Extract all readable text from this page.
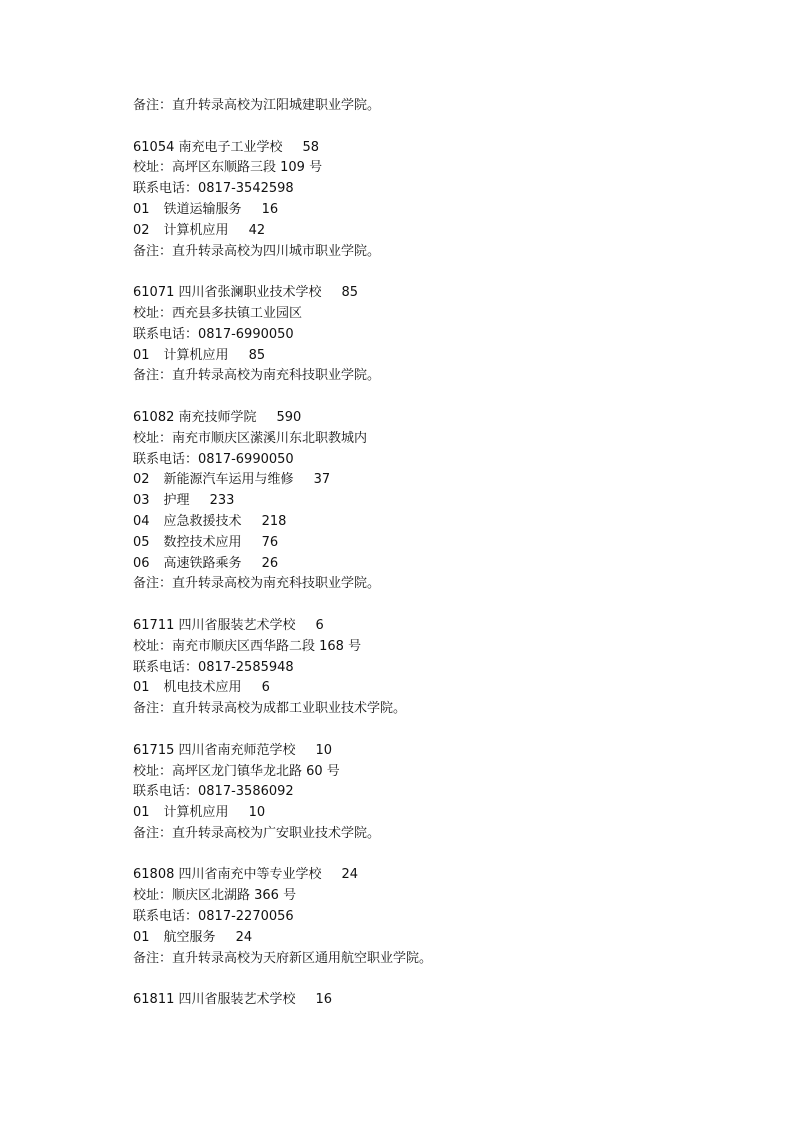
备注：直升转录高校为江阳城建职业学院。
61054 南充电子工业学校 58
校址：高坪区东顺路三段 109 号
联系电话：0817-3542598
01 铁道运输服务 16
02 计算机应用 42
备注：直升转录高校为四川城市职业学院。
61071 四川省张澜职业技术学校 85
校址：西充县多扶镇工业园区
联系电话：0817-6990050
01 计算机应用 85
备注：直升转录高校为南充科技职业学院。
61082 南充技师学院 590
校址：南充市顺庆区潆溪川东北职教城内
联系电话：0817-6990050
02 新能源汽车运用与维修 37
03 护理 233
04 应急救援技术 218
05 数控技术应用 76
06 高速铁路乘务 26
备注：直升转录高校为南充科技职业学院。
61711 四川省服装艺术学校 6
校址：南充市顺庆区西华路二段 168 号
联系电话：0817-2585948
01 机电技术应用 6
备注：直升转录高校为成都工业职业技术学院。
61715 四川省南充师范学校 10
校址：高坪区龙门镇华龙北路 60 号
联系电话：0817-3586092
01 计算机应用 10
备注：直升转录高校为广安职业技术学院。
61808 四川省南充中等专业学校 24
校址：顺庆区北湖路 366 号
联系电话：0817-2270056
01 航空服务 24
备注：直升转录高校为天府新区通用航空职业学院。
61811 四川省服装艺术学校 16
